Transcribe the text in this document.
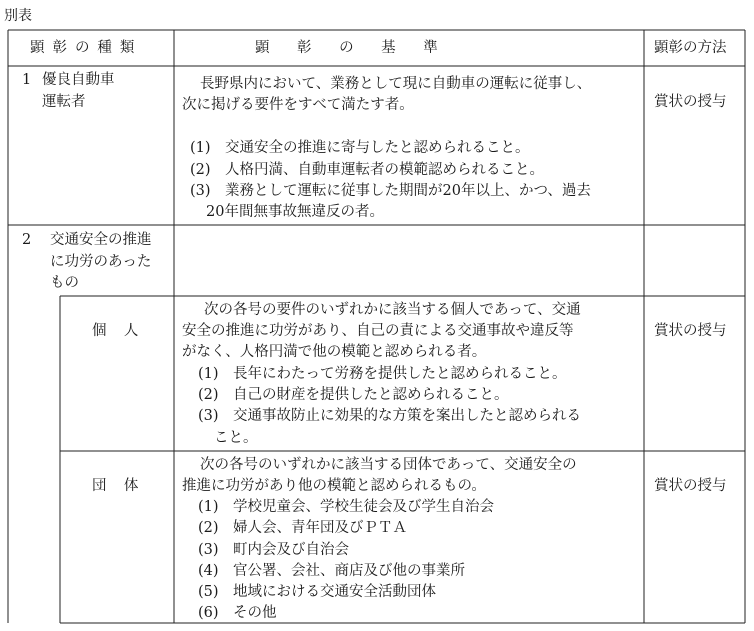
別表
顕彰の種類	顕彰の基準	顕彰の方法
1 優良自動車
運転者
長野県内において、業務として現に自動車の運転に従事し、
次に掲げる要件をすべて満たす者。
(1)　交通安全の推進に寄与したと認められること。
(2)　人格円満、自動車運転者の模範認められること。
(3)　業務として運転に従事した期間が20年以上、かつ、過去
20年間無事故無違反の者。
賞状の授与
2 交通安全の推進
に功労のあった
もの
個人
次の各号の要件のいずれかに該当する個人であって、交通
安全の推進に功労があり、自己の責による交通事故や違反等
がなく、人格円満で他の模範と認められる者。
(1)　長年にわたって労務を提供したと認められること。
(2)　自己の財産を提供したと認められること。
(3)　交通事故防止に効果的な方策を案出したと認められる
こと。
賞状の授与
団体
次の各号のいずれかに該当する団体であって、交通安全の
推進に功労があり他の模範と認められるもの。
(1)　学校児童会、学校生徒会及び学生自治会
(2)　婦人会、青年団及びＰＴＡ
(3)　町内会及び自治会
(4)　官公署、会社、商店及び他の事業所
(5)　地域における交通安全活動団体
(6)　その他
賞状の授与
